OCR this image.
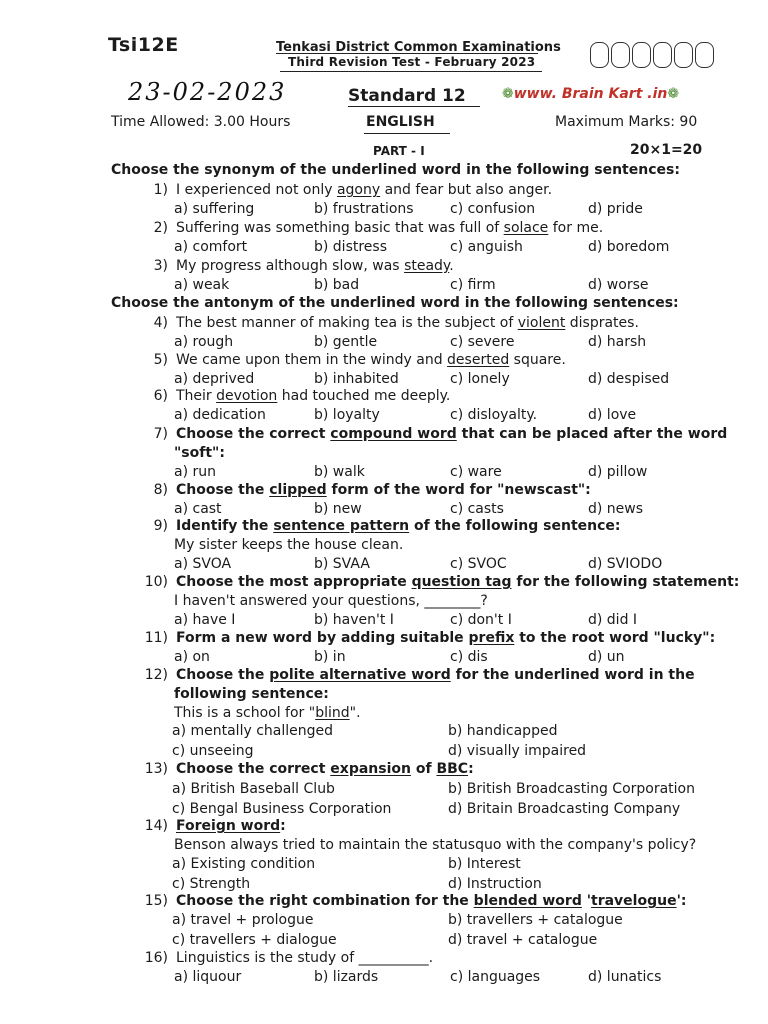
Tsi12E	Tenkasi District Common Examinations
Third Revision Test - February 2023
23-02-2023	Standard 12	❁www. Brain Kart .in❁
Time Allowed: 3.00 Hours	ENGLISH	Maximum Marks: 90
PART - I	20×1=20
Choose the synonym of the underlined word in the following sentences:
Choose the antonym of the underlined word in the following sentences:
1) I experienced not only agony and fear but also anger.
a) suffering	b) frustrations	c) confusion	d) pride
2) Suffering was something basic that was full of solace for me.
a) comfort	b) distress	c) anguish	d) boredom
3) My progress although slow, was steady.
a) weak	b) bad	c) firm	d) worse
4) The best manner of making tea is the subject of violent disprates.
a) rough	b) gentle	c) severe	d) harsh
5) We came upon them in the windy and deserted square.
a) deprived	b) inhabited	c) lonely	d) despised
6) Their devotion had touched me deeply.
a) dedication	b) loyalty	c) disloyalty.	d) love
7) Choose the correct compound word that can be placed after the word
"soft":
a) run	b) walk	c) ware	d) pillow
8) Choose the clipped form of the word for "newscast":
a) cast	b) new	c) casts	d) news
9) Identify the sentence pattern of the following sentence:
My sister keeps the house clean.
a) SVOA	b) SVAA	c) SVOC	d) SVIODO
10) Choose the most appropriate question tag for the following statement:
I haven't answered your questions, ________?
a) have I	b) haven't I	c) don't I	d) did I
11) Form a new word by adding suitable prefix to the root word "lucky":
a) on	b) in	c) dis	d) un
12) Choose the polite alternative word for the underlined word in the
following sentence:
This is a school for "blind".
a) mentally challenged	b) handicapped
c) unseeing	d) visually impaired
13) Choose the correct expansion of BBC:
a) British Baseball Club	b) British Broadcasting Corporation
c) Bengal Business Corporation	d) Britain Broadcasting Company
14) Foreign word:
Benson always tried to maintain the statusquo with the company's policy?
a) Existing condition	b) Interest
c) Strength	d) Instruction
15) Choose the right combination for the blended word 'travelogue':
a) travel + prologue	b) travellers + catalogue
c) travellers + dialogue	d) travel + catalogue
16) Linguistics is the study of __________.
a) liquour	b) lizards	c) languages	d) lunatics
